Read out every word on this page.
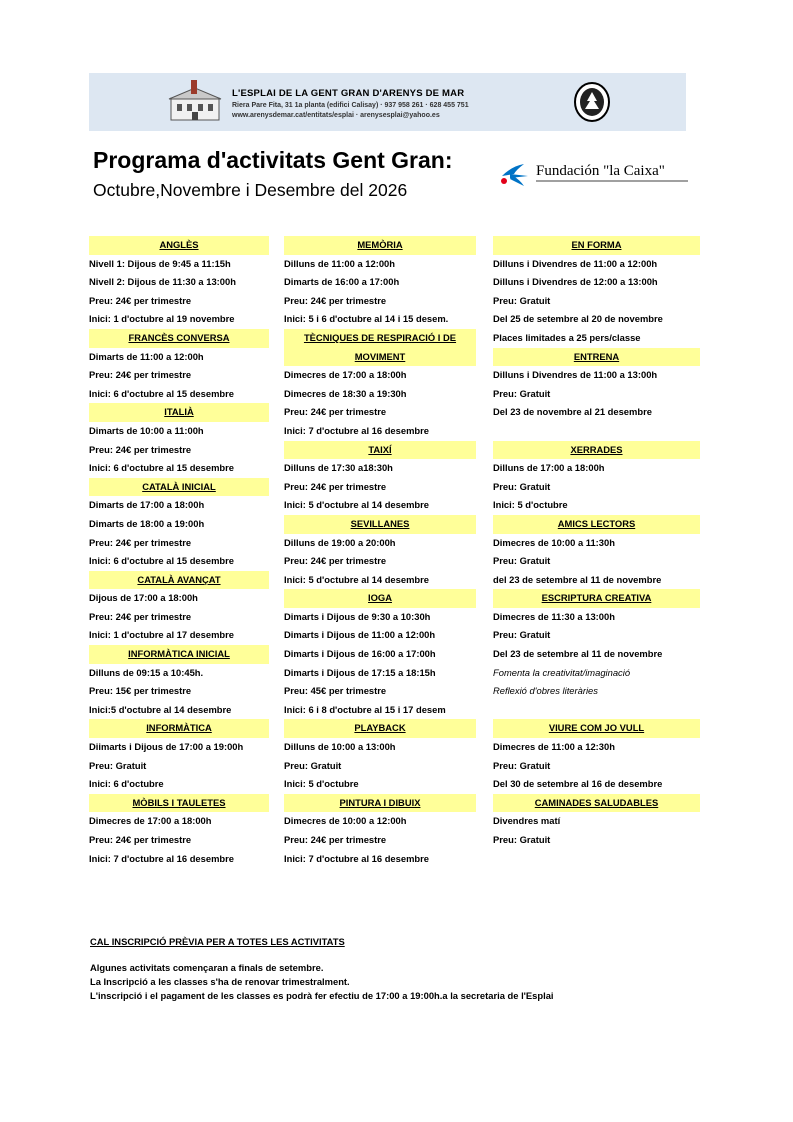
L'ESPLAI DE LA GENT GRAN D'ARENYS DE MAR
Riera Pare Fita, 31 1a planta (edifici Calisay) · 937 958 261 · 628 455 751
www.arenysdemar.cat/entitats/esplai · arenysesplai@yahoo.es
Programa d'activitats Gent Gran:
Octubre,Novembre i Desembre del 2026
Fundación "la Caixa"
ANGLÈS
Nivell 1: Dijous de 9:45 a 11:15h
Nivell 2: Dijous de 11:30 a 13:00h
Preu: 24€ per trimestre
Inici: 1 d'octubre al 19 novembre
FRANCÈS CONVERSA
Dimarts de 11:00 a 12:00h
Preu: 24€ per trimestre
Inici: 6 d'octubre al 15 desembre
ITALIÀ
Dimarts de 10:00 a 11:00h
Preu: 24€ per trimestre
Inici: 6 d'octubre al 15 desembre
CATALÀ INICIAL
Dimarts de 17:00 a 18:00h
Dimarts de 18:00 a 19:00h
Preu: 24€ per trimestre
Inici: 6 d'octubre al 15 desembre
CATALÀ AVANÇAT
Dijous de 17:00 a 18:00h
Preu: 24€ per trimestre
Inici: 1 d'octubre al 17 desembre
INFORMÀTICA INICIAL
Dilluns de 09:15 a 10:45h.
Preu: 15€ per trimestre
Inici:5 d'octubre al 14 desembre
INFORMÀTICA
Diimarts i Dijous de 17:00 a 19:00h
Preu: Gratuit
Inici: 6 d'octubre
MÒBILS I TAULETES
Dimecres de 17:00 a 18:00h
Preu: 24€ per trimestre
Inici: 7 d'octubre al 16 desembre
MEMÒRIA
Dilluns de 11:00 a 12:00h
Dimarts de 16:00 a 17:00h
Preu: 24€ per trimestre
Inici: 5 i 6 d'octubre al 14 i 15 desem.
TÈCNIQUES DE RESPIRACIÓ I DE
MOVIMENT
Dimecres de 17:00 a 18:00h
Dimecres de 18:30 a 19:30h
Preu: 24€ per trimestre
Inici: 7 d'octubre al 16 desembre
TAIXÍ
Dilluns de 17:30 a18:30h
Preu: 24€ per trimestre
Inici: 5 d'octubre al 14 desembre
SEVILLANES
Dilluns de 19:00 a 20:00h
Preu: 24€ per trimestre
Inici: 5 d'octubre al 14 desembre
IOGA
Dimarts i Dijous de 9:30 a 10:30h
Dimarts i Dijous de 11:00 a 12:00h
Dimarts i Dijous de 16:00 a 17:00h
Dimarts i Dijous de 17:15 a 18:15h
Preu: 45€ per trimestre
Inici: 6 i 8 d'octubre al 15 i 17 desem
PLAYBACK
Dilluns de 10:00 a 13:00h
Preu: Gratuit
Inici: 5 d'octubre
PINTURA I DIBUIX
Dimecres de 10:00 a 12:00h
Preu: 24€ per trimestre
Inici: 7 d'octubre al 16 desembre
EN FORMA
Dilluns i Divendres de 11:00 a 12:00h
Dilluns i Divendres de 12:00 a 13:00h
Preu: Gratuit
Del 25 de setembre al 20 de novembre
Places limitades a 25 pers/classe
ENTRENA
Dilluns i Divendres de 11:00 a 13:00h
Preu: Gratuit
Del 23 de novembre al 21 desembre
XERRADES
Dilluns de 17:00 a 18:00h
Preu: Gratuit
Inici: 5 d'octubre
AMICS LECTORS
Dimecres de 10:00 a 11:30h
Preu: Gratuit
del 23 de setembre al 11 de novembre
ESCRIPTURA CREATIVA
Dimecres de 11:30 a 13:00h
Preu: Gratuit
Del 23 de setembre al 11 de novembre
Fomenta la creativitat/imaginació
Reflexió d'obres literàries
VIURE COM JO VULL
Dimecres de 11:00 a 12:30h
Preu: Gratuit
Del 30 de setembre al 16 de desembre
CAMINADES SALUDABLES
Divendres matí
Preu: Gratuit
CAL INSCRIPCIÓ PRÈVIA PER A TOTES LES ACTIVITATS
Algunes activitats començaran a finals de setembre.
La Inscripció a les classes s'ha de renovar trimestralment.
L'inscripció i el pagament de les classes es podrà fer efectiu de 17:00 a 19:00h.a la secretaria de l'Esplai
